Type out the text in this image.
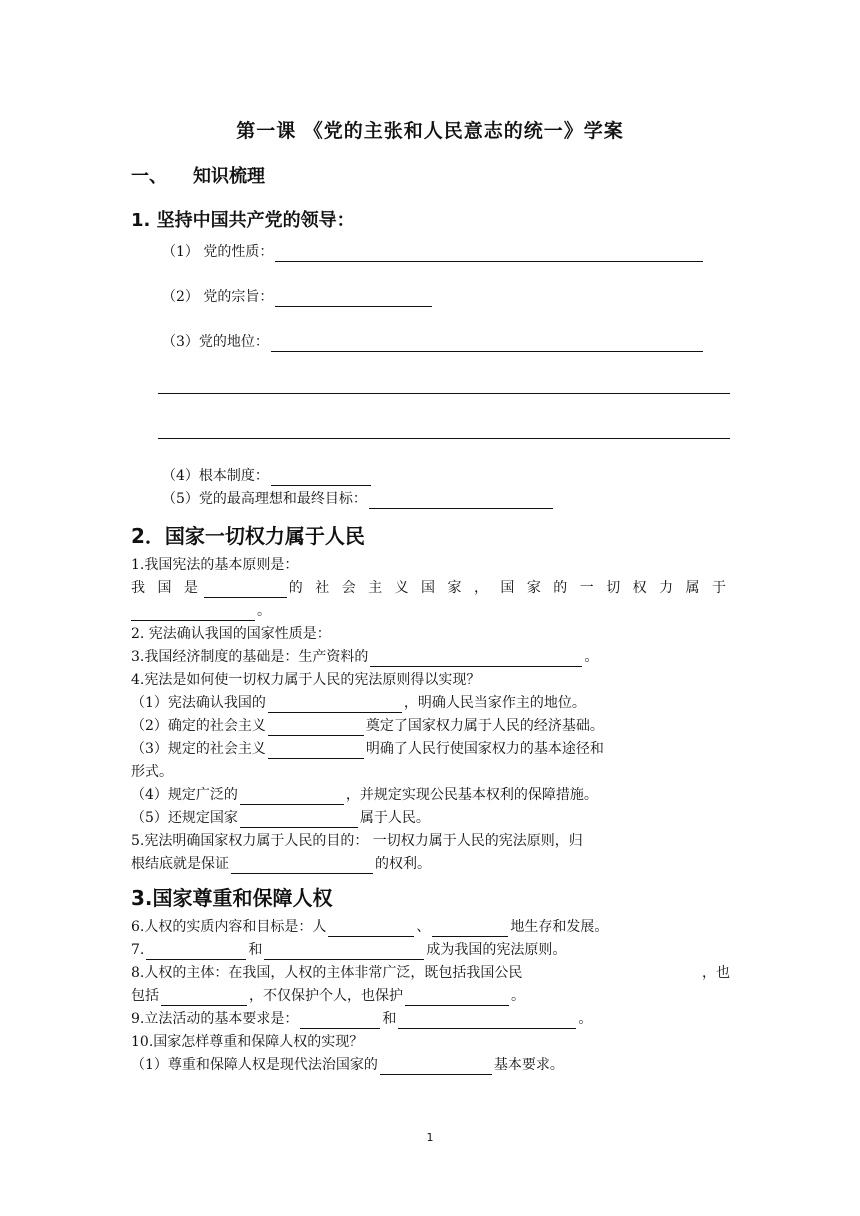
第一课 《党的主张和人民意志的统一》学案
一、 知识梳理
1. 坚持中国共产党的领导：
（1） 党的性质：
（2） 党的宗旨：
（3）党的地位：
（4）根本制度：
（5）党的最高理想和最终目标：
2．国家一切权力属于人民
1.我国宪法的基本原则是：
我 国 是	的 社 会 主 义 国 家 ， 国 家 的 一 切 权 力 属 于
。
2. 宪法确认我国的国家性质是：
3.我国经济制度的基础是：生产资料的	。
4.宪法是如何使一切权力属于人民的宪法原则得以实现？
（1）宪法确认我国的	，明确人民当家作主的地位。
（2）确定的社会主义	奠定了国家权力属于人民的经济基础。
（3）规定的社会主义	明确了人民行使国家权力的基本途径和
形式。
（4）规定广泛的	，并规定实现公民基本权利的保障措施。
（5）还规定国家	属于人民。
5.宪法明确国家权力属于人民的目的： 一切权力属于人民的宪法原则，归
根结底就是保证	的权利。
3.国家尊重和保障人权
6.人权的实质内容和目标是：人	、	地生存和发展。
7.	和	成为我国的宪法原则。
8.人权的主体：在我国，人权的主体非常广泛，既包括我国公民	，也
包括	，不仅保护个人，也保护	。
9.立法活动的基本要求是：	和	。
10.国家怎样尊重和保障人权的实现？
（1）尊重和保障人权是现代法治国家的	基本要求。
1
